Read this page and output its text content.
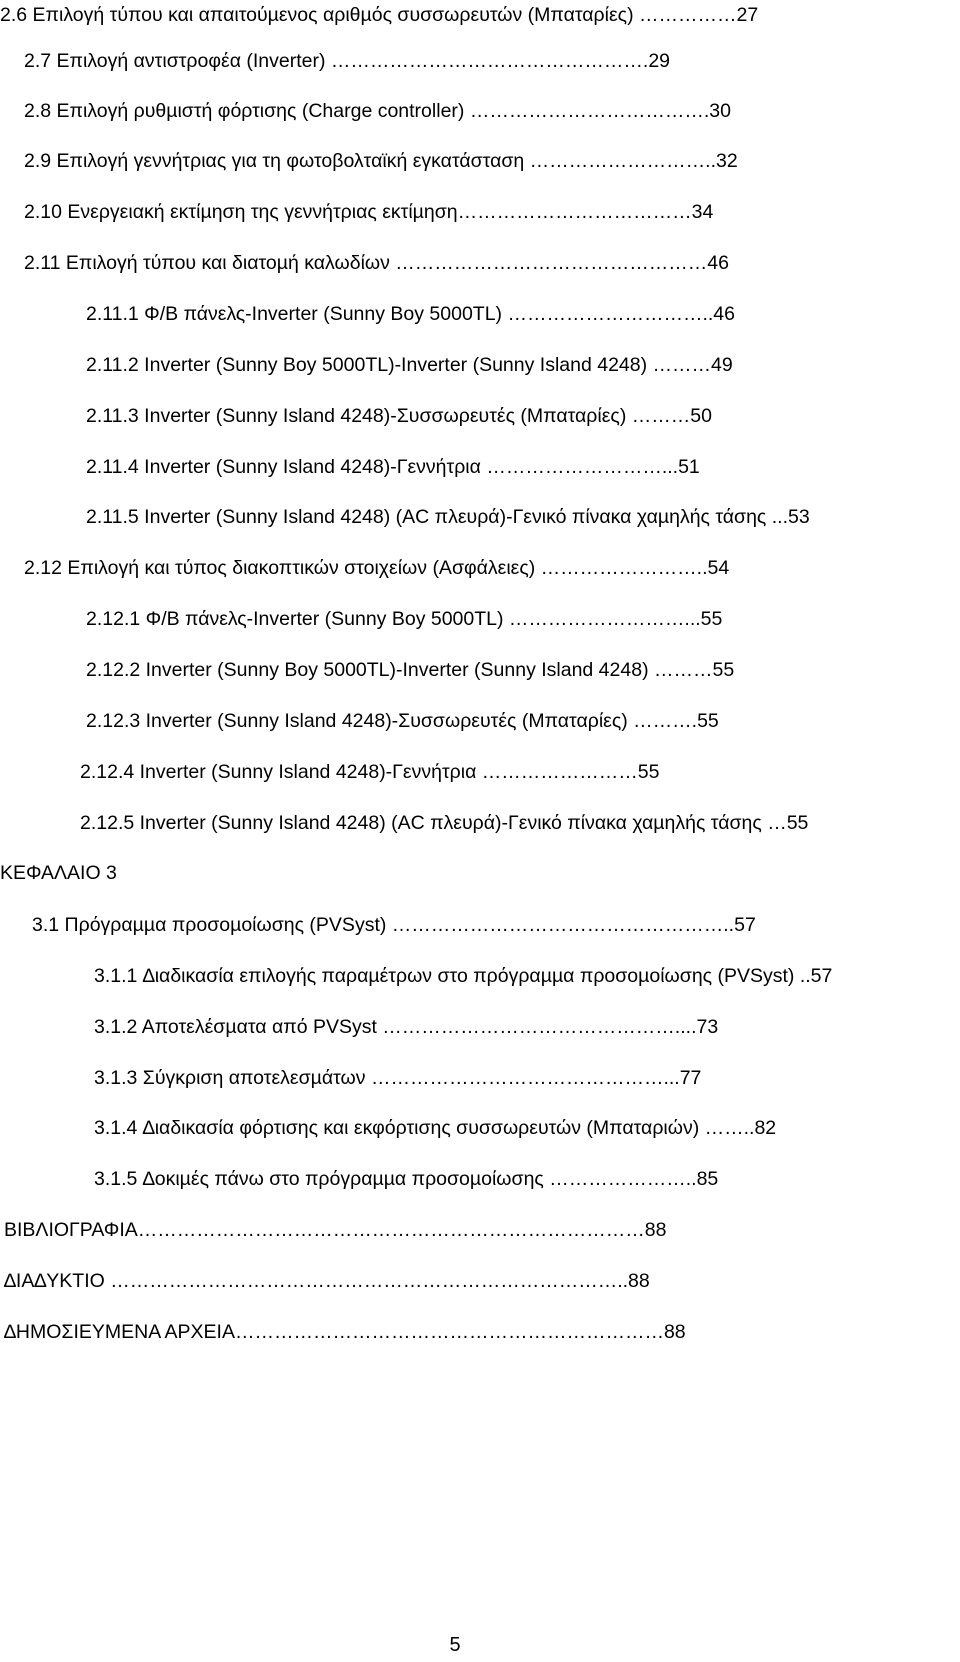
2.6 Επιλογή τύπου και απαιτούµενος αριθµός συσσωρευτών (Μπαταρίες) ……………27
2.7 Επιλογή αντιστροφέα (Inverter) ………………………………………….29
2.8 Επιλογή ρυθµιστή φόρτισης (Charge controller) ……………………………….30
2.9 Επιλογή γεννήτριας για τη φωτοβολταϊκή εγκατάσταση ………………………..32
2.10 Ενεργειακή εκτίµηση της γεννήτριας εκτίµηση………………………………34
2.11 Επιλογή τύπου και διατοµή καλωδίων …………………………………………46
2.11.1 Φ/Β πάνελς-Inverter (Sunny Boy 5000TL) …………………………..46
2.11.2 Inverter (Sunny Boy 5000TL)-Inverter (Sunny Island 4248) ………49
2.11.3 Inverter (Sunny Island 4248)-Συσσωρευτές (Μπαταρίες) ………50
2.11.4 Inverter (Sunny Island 4248)-Γεννήτρια ………………………...51
2.11.5 Inverter (Sunny Island 4248) (AC πλευρά)-Γενικό πίνακα χαµηλής τάσης ...53
2.12 Επιλογή και τύπος διακοπτικών στοιχείων (Ασφάλειες) ……………………..54
2.12.1 Φ/Β πάνελς-Inverter (Sunny Boy 5000TL) ………………………...55
2.12.2 Inverter (Sunny Boy 5000TL)-Inverter (Sunny Island 4248) ………55
2.12.3 Inverter (Sunny Island 4248)-Συσσωρευτές (Μπαταρίες) ……….55
2.12.4 Inverter (Sunny Island 4248)-Γεννήτρια ……………………55
2.12.5 Inverter (Sunny Island 4248) (AC πλευρά)-Γενικό πίνακα χαµηλής τάσης …55
ΚΕΦΑΛΑΙΟ 3
3.1 Πρόγραµµα προσοµοίωσης (PVSyst) ……………………………………………..57
3.1.1 ∆ιαδικασία επιλογής παραµέτρων στο πρόγραµµα προσοµοίωσης (PVSyst) ..57
3.1.2 Αποτελέσµατα από PVSyst ………………………………………....73
3.1.3 Σύγκριση αποτελεσµάτων ………………………………………...77
3.1.4 ∆ιαδικασία φόρτισης και εκφόρτισης συσσωρευτών (Μπαταριών) ……..82
3.1.5 ∆οκιµές πάνω στο πρόγραµµα προσοµοίωσης …………………..85
ΒΙΒΛΙΟΓΡΑΦΙΑ……………………………………………………………………88
∆ΙΑ∆ΥΚΤΙΟ ……………………………………………………………………..88
∆ΗΜΟΣΙΕΥΜΕΝΑ ΑΡΧΕΙΑ…………………………………………………………88
5
